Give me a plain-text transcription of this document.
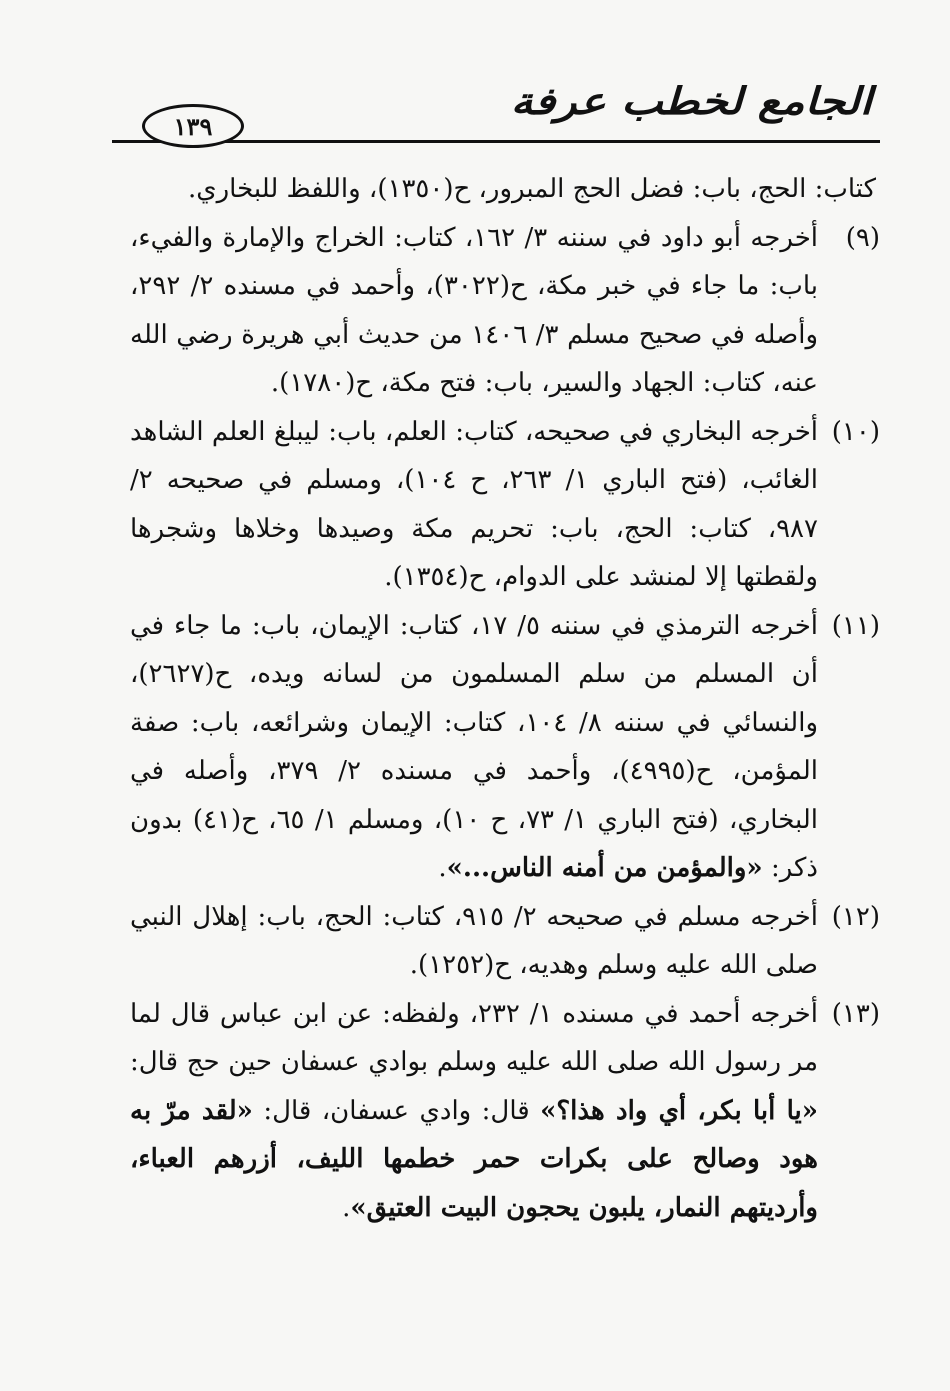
١٣٩
الجامع لخطب عرفة
كتاب: الحج، باب: فضل الحج المبرور، ح(١٣٥٠)، واللفظ للبخاري.
(٩)
أخرجه أبو داود في سننه ٣/ ١٦٢، كتاب: الخراج والإمارة والفيء، باب: ما جاء في خبر مكة، ح(٣٠٢٢)، وأحمد في مسنده ٢/ ٢٩٢، وأصله في صحيح مسلم ٣/ ١٤٠٦ من حديث أبي هريرة رضي الله عنه، كتاب: الجهاد والسير، باب: فتح مكة، ح(١٧٨٠).
(١٠)
أخرجه البخاري في صحيحه، كتاب: العلم، باب: ليبلغ العلم الشاهد الغائب، (فتح الباري ١/ ٢٦٣، ح ١٠٤)، ومسلم في صحيحه ٢/ ٩٨٧، كتاب: الحج، باب: تحريم مكة وصيدها وخلاها وشجرها ولقطتها إلا لمنشد على الدوام، ح(١٣٥٤).
(١١)
أخرجه الترمذي في سننه ٥/ ١٧، كتاب: الإيمان، باب: ما جاء في أن المسلم من سلم المسلمون من لسانه ويده، ح(٢٦٢٧)، والنسائي في سننه ٨/ ١٠٤، كتاب: الإيمان وشرائعه، باب: صفة المؤمن، ح(٤٩٩٥)، وأحمد في مسنده ٢/ ٣٧٩، وأصله في البخاري، (فتح الباري ١/ ٧٣، ح ١٠)، ومسلم ١/ ٦٥، ح(٤١) بدون ذكر: «والمؤمن من أمنه الناس...».
(١٢)
أخرجه مسلم في صحيحه ٢/ ٩١٥، كتاب: الحج، باب: إهلال النبي صلى الله عليه وسلم وهديه، ح(١٢٥٢).
(١٣)
أخرجه أحمد في مسنده ١/ ٢٣٢، ولفظه: عن ابن عباس قال لما مر رسول الله صلى الله عليه وسلم بوادي عسفان حين حج قال: «يا أبا بكر، أي واد هذا؟» قال: وادي عسفان، قال: «لقد مرّ به هود وصالح على بكرات حمر خطمها الليف، أزرهم العباء، وأرديتهم النمار، يلبون يحجون البيت العتيق».
